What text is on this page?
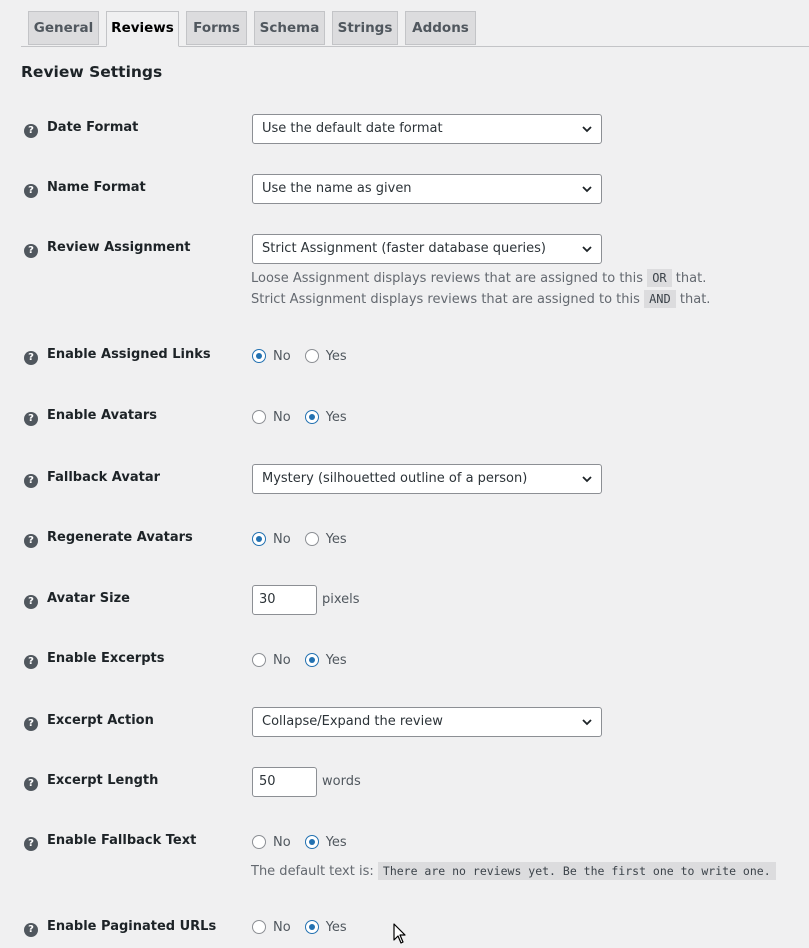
General	Reviews	Forms	Schema	Strings	Addons
Review Settings
? Date Format	Use the default date format
? Name Format	Use the name as given
? Review Assignment	Strict Assignment (faster database queries)
Loose Assignment displays reviews that are assigned to this OR that.
Strict Assignment displays reviews that are assigned to this AND that.
? Enable Assigned Links	No	Yes
? Enable Avatars	No	Yes
? Fallback Avatar	Mystery (silhouetted outline of a person)
? Regenerate Avatars	No	Yes
? Avatar Size	30	pixels
? Enable Excerpts	No	Yes
? Excerpt Action	Collapse/Expand the review
? Excerpt Length	50	words
? Enable Fallback Text	No	Yes
The default text is: There are no reviews yet. Be the first one to write one.
? Enable Paginated URLs	No	Yes
